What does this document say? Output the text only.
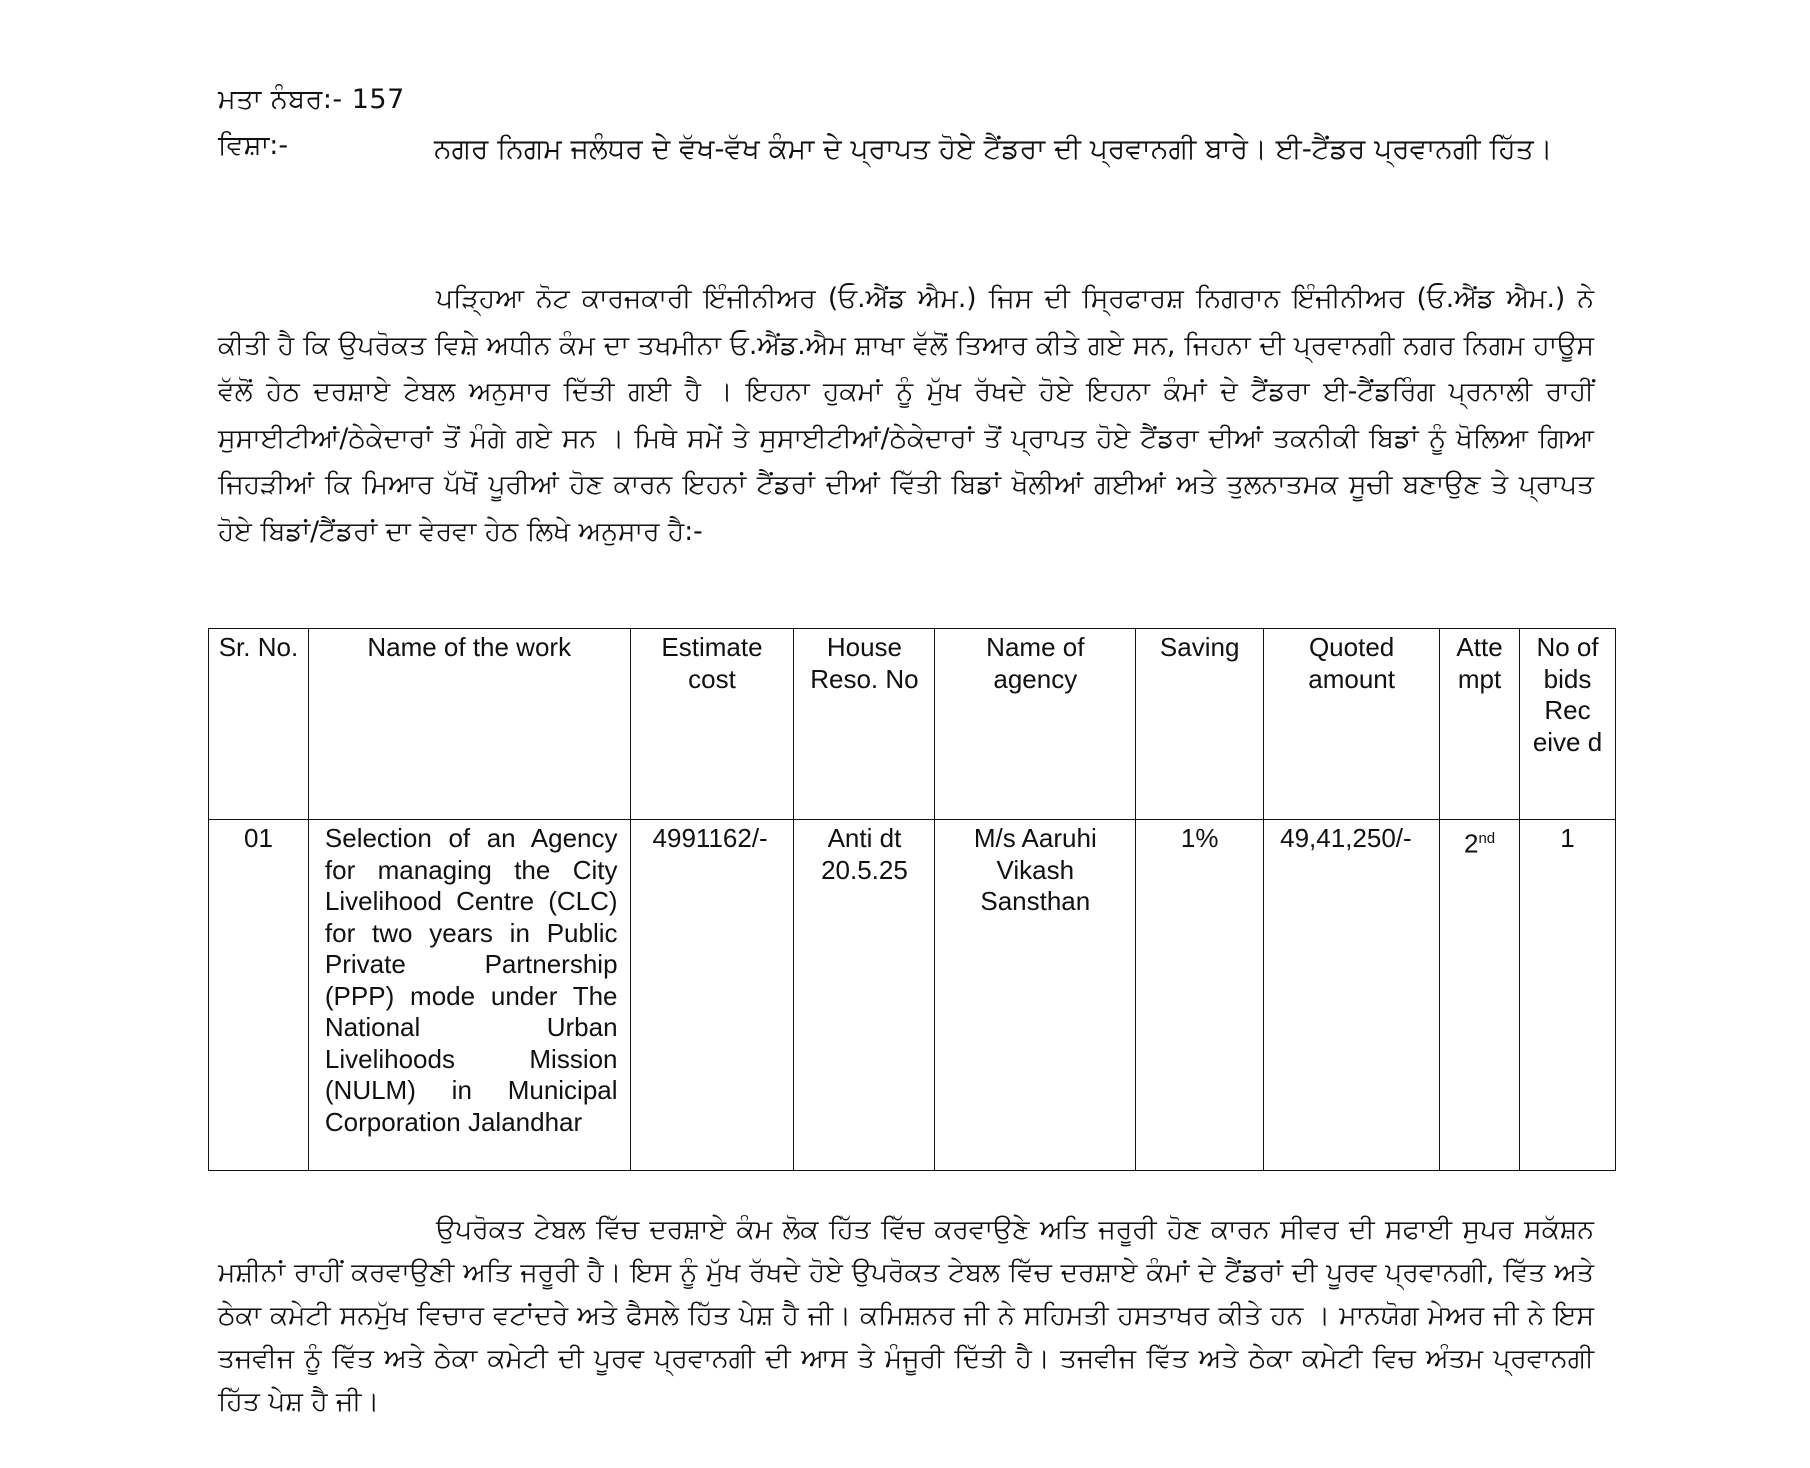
ਮਤਾ ਨੰਬਰ:- 157
ਵਿਸ਼ਾ:-	ਨਗਰ ਨਿਗਮ ਜਲੰਧਰ ਦੇ ਵੱਖ-ਵੱਖ ਕੰਮਾ ਦੇ ਪ੍ਰਾਪਤ ਹੋਏ ਟੈਂਡਰਾ ਦੀ ਪ੍ਰਵਾਨਗੀ ਬਾਰੇ। ਈ-ਟੈਂਡਰ ਪ੍ਰਵਾਨਗੀ ਹਿੱਤ।
ਪੜ੍ਹਿਆ ਨੋਟ ਕਾਰਜਕਾਰੀ ਇੰਜੀਨੀਅਰ (ਓ.ਐਂਡ ਐਮ.) ਜਿਸ ਦੀ ਸ੍ਰਿਫਾਰਸ਼ ਨਿਗਰਾਨ ਇੰਜੀਨੀਅਰ (ਓ.ਐਂਡ ਐਮ.) ਨੇ ਕੀਤੀ ਹੈ ਕਿ ਉਪਰੋਕਤ ਵਿਸ਼ੇ ਅਧੀਨ ਕੰਮ ਦਾ ਤਖਮੀਨਾ ਓ.ਐਂਡ.ਐਮ ਸ਼ਾਖਾ ਵੱਲੋਂ ਤਿਆਰ ਕੀਤੇ ਗਏ ਸਨ, ਜਿਹਨਾ ਦੀ ਪ੍ਰਵਾਨਗੀ ਨਗਰ ਨਿਗਮ ਹਾਊਸ ਵੱਲੋਂ ਹੇਠ ਦਰਸ਼ਾਏ ਟੇਬਲ ਅਨੁਸਾਰ ਦਿੱਤੀ ਗਈ ਹੈ । ਇਹਨਾ ਹੁਕਮਾਂ ਨੂੰ ਮੁੱਖ ਰੱਖਦੇ ਹੋਏ ਇਹਨਾ ਕੰਮਾਂ ਦੇ ਟੈਂਡਰਾ ਈ-ਟੈਂਡਰਿੰਗ ਪ੍ਰਨਾਲੀ ਰਾਹੀਂ ਸੁਸਾਈਟੀਆਂ/ਠੇਕੇਦਾਰਾਂ ਤੋਂ ਮੰਗੇ ਗਏ ਸਨ । ਮਿਥੇ ਸਮੇਂ ਤੇ ਸੁਸਾਈਟੀਆਂ/ਠੇਕੇਦਾਰਾਂ ਤੋਂ ਪ੍ਰਾਪਤ ਹੋਏ ਟੈਂਡਰਾ ਦੀਆਂ ਤਕਨੀਕੀ ਬਿਡਾਂ ਨੂੰ ਖੋਲਿਆ ਗਿਆ ਜਿਹੜੀਆਂ ਕਿ ਮਿਆਰ ਪੱਖੋਂ ਪੂਰੀਆਂ ਹੋਣ ਕਾਰਨ ਇਹਨਾਂ ਟੈਂਡਰਾਂ ਦੀਆਂ ਵਿੱਤੀ ਬਿਡਾਂ ਖੋਲੀਆਂ ਗਈਆਂ ਅਤੇ ਤੁਲਨਾਤਮਕ ਸੂਚੀ ਬਣਾਉਣ ਤੇ ਪ੍ਰਾਪਤ ਹੋਏ ਬਿਡਾਂ/ਟੈਂਡਰਾਂ ਦਾ ਵੇਰਵਾ ਹੇਠ ਲਿਖੇ ਅਨੁਸਾਰ ਹੈ:-
Sr. No.	Name of the work	Estimate cost	House Reso. No	Name of agency	Saving	Quoted amount	Atte mpt	No of bids Rec eive d
01	Selection of an Agency for managing the City Livelihood Centre (CLC) for two years in Public Private Partnership (PPP) mode under The National Urban Livelihoods Mission (NULM) in Municipal Corporation Jalandhar	4991162/-	Anti dt 20.5.25	M/s Aaruhi Vikash Sansthan	1%	49,41,250/-	2nd	1
ਉਪਰੋਕਤ ਟੇਬਲ ਵਿੱਚ ਦਰਸ਼ਾਏ ਕੰਮ ਲੋਕ ਹਿੱਤ ਵਿੱਚ ਕਰਵਾਉਣੇ ਅਤਿ ਜਰੂਰੀ ਹੋਣ ਕਾਰਨ ਸੀਵਰ ਦੀ ਸਫਾਈ ਸੁਪਰ ਸਕੱਸ਼ਨ ਮਸ਼ੀਨਾਂ ਰਾਹੀਂ ਕਰਵਾਉਣੀ ਅਤਿ ਜਰੂਰੀ ਹੈ। ਇਸ ਨੂੰ ਮੁੱਖ ਰੱਖਦੇ ਹੋਏ ਉਪਰੋਕਤ ਟੇਬਲ ਵਿੱਚ ਦਰਸ਼ਾਏ ਕੰਮਾਂ ਦੇ ਟੈਂਡਰਾਂ ਦੀ ਪੂਰਵ ਪ੍ਰਵਾਨਗੀ, ਵਿੱਤ ਅਤੇ ਠੇਕਾ ਕਮੇਟੀ ਸਨਮੁੱਖ ਵਿਚਾਰ ਵਟਾਂਦਰੇ ਅਤੇ ਫੈਸਲੇ ਹਿੱਤ ਪੇਸ਼ ਹੈ ਜੀ। ਕਮਿਸ਼ਨਰ ਜੀ ਨੇ ਸਹਿਮਤੀ ਹਸਤਾਖਰ ਕੀਤੇ ਹਨ । ਮਾਨਯੋਗ ਮੇਅਰ ਜੀ ਨੇ ਇਸ ਤਜਵੀਜ ਨੂੰ ਵਿੱਤ ਅਤੇ ਠੇਕਾ ਕਮੇਟੀ ਦੀ ਪੂਰਵ ਪ੍ਰਵਾਨਗੀ ਦੀ ਆਸ ਤੇ ਮੰਜੂਰੀ ਦਿੱਤੀ ਹੈ। ਤਜਵੀਜ ਵਿੱਤ ਅਤੇ ਠੇਕਾ ਕਮੇਟੀ ਵਿਚ ਅੰਤਮ ਪ੍ਰਵਾਨਗੀ ਹਿੱਤ ਪੇਸ਼ ਹੈ ਜੀ।
